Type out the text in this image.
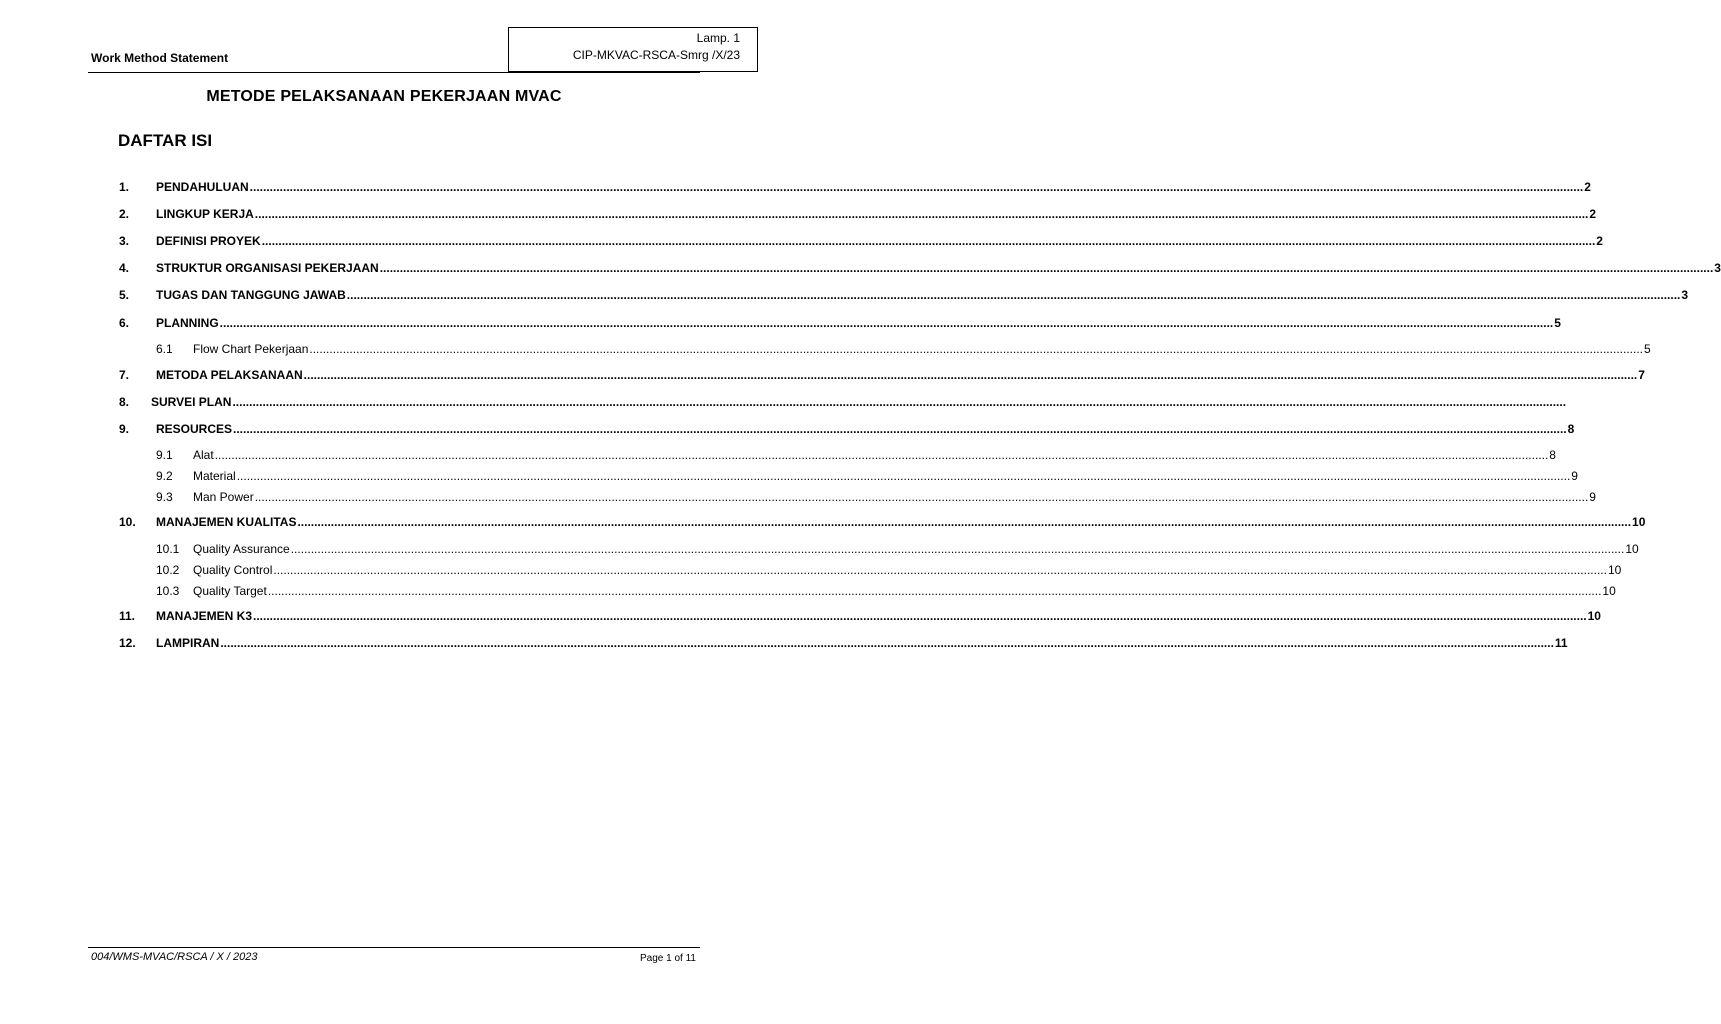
Work Method Statement
Lamp. 1
CIP-MKVAC-RSCA-Smrg /X/23
METODE PELAKSANAAN PEKERJAAN MVAC
DAFTAR ISI
1.	PENDAHULUAN ................................................................................................................................................................................................................................................................................................................................................................................................................ 2
2.	LINGKUP KERJA ................................................................................................................................................................................................................................................................................................................................................................................................................ 2
3.	DEFINISI PROYEK ................................................................................................................................................................................................................................................................................................................................................................................................................ 2
4.	STRUKTUR ORGANISASI PEKERJAAN ................................................................................................................................................................................................................................................................................................................................................................................................................ 3
5.	TUGAS DAN TANGGUNG JAWAB ................................................................................................................................................................................................................................................................................................................................................................................................................ 3
6.	PLANNING ................................................................................................................................................................................................................................................................................................................................................................................................................ 5
6.1	Flow Chart Pekerjaan ................................................................................................................................................................................................................................................................................................................................................................................................................ 5
7.	METODA PELAKSANAAN ................................................................................................................................................................................................................................................................................................................................................................................................................ 7
8.	SURVEI PLAN ................................................................................................................................................................................................................................................................................................................................................................................................................
9.	RESOURCES ................................................................................................................................................................................................................................................................................................................................................................................................................ 8
9.1	Alat ................................................................................................................................................................................................................................................................................................................................................................................................................ 8
9.2	Material ................................................................................................................................................................................................................................................................................................................................................................................................................ 9
9.3	Man Power ................................................................................................................................................................................................................................................................................................................................................................................................................ 9
10.	MANAJEMEN KUALITAS ................................................................................................................................................................................................................................................................................................................................................................................................................ 10
10.1	Quality Assurance ................................................................................................................................................................................................................................................................................................................................................................................................................ 10
10.2	Quality Control ................................................................................................................................................................................................................................................................................................................................................................................................................ 10
10.3	Quality Target ................................................................................................................................................................................................................................................................................................................................................................................................................ 10
11.	MANAJEMEN K3 ................................................................................................................................................................................................................................................................................................................................................................................................................ 10
12.	LAMPIRAN ................................................................................................................................................................................................................................................................................................................................................................................................................ 11
004/WMS-MVAC/RSCA / X / 2023	Page 1 of 11
